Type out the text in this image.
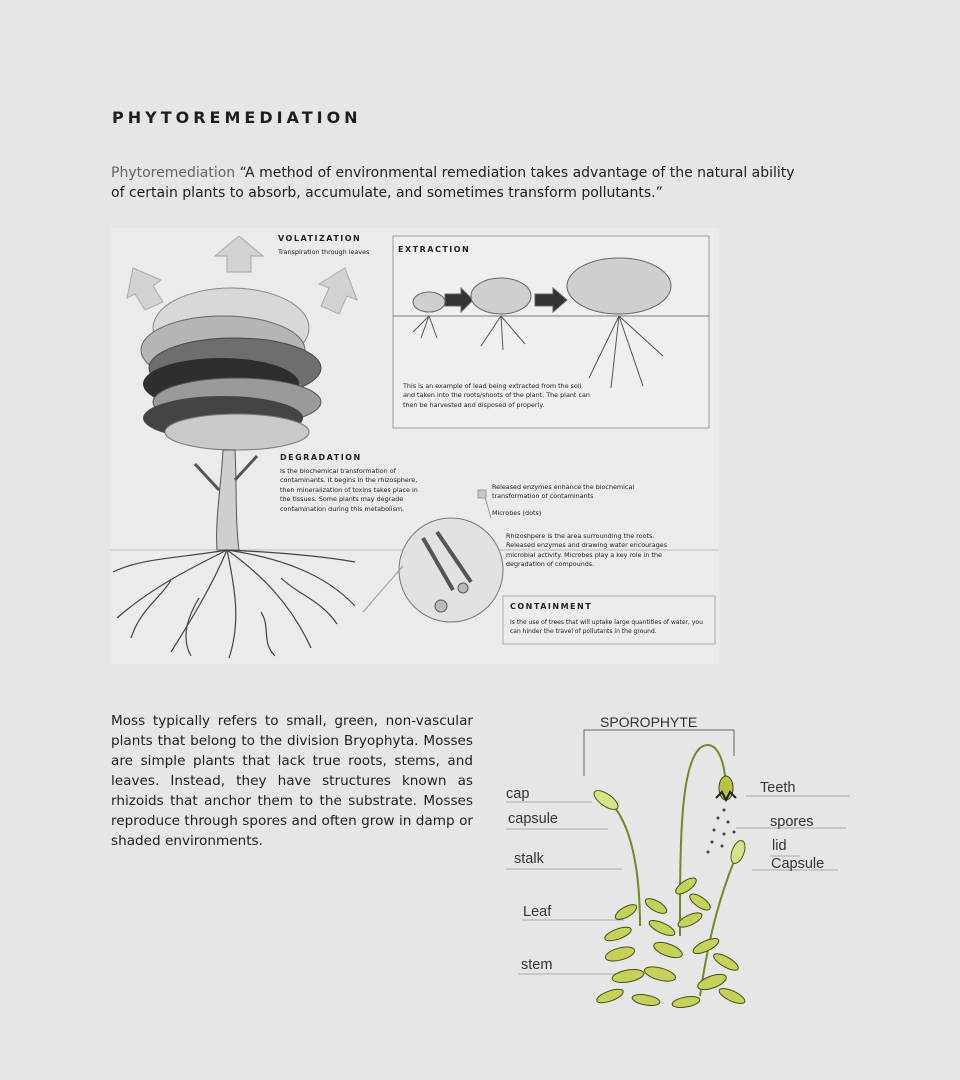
PHYTOREMEDIATION
Phytoremediation “A method of environmental remediation takes advantage of the natural ability of certain plants to absorb, accumulate, and sometimes transform pollutants.”
VOLATIZATION
Transpiration through leaves	EXTRACTION
This is an example of lead being extracted from the soil and taken into the roots/shoots of the plant. The plant can then be harvested and disposed of properly.
DEGRADATION
Is the biochemical transformation of contaminants. It begins in the rhizosphere, then mineralization of toxins takes place in the tissues. Some plants may degrade contamination during this metabolism.
Released enzymes enhance the biochemical transformation of contaminants
Microbes (dots)
Rhizoshpere is the area surrounding the roots. Released enzymes and drawing water encourages microbial activity. Microbes play a key role in the degradation of compounds.
CONTAINMENT
Is the use of trees that will uptake large quantities of water, you can hinder the travel of pollutants in the ground.
Moss typically refers to small, green, non-vascular plants that belong to the division Bryophyta. Mosses are simple plants that lack true roots, stems, and leaves. Instead, they have structures known as rhizoids that anchor them to the substrate. Mosses reproduce through spores and often grow in damp or shaded environments.
SPOROPHYTE
cap
capsule
stalk
Leaf
stem
Teeth
spores
lid
Capsule
